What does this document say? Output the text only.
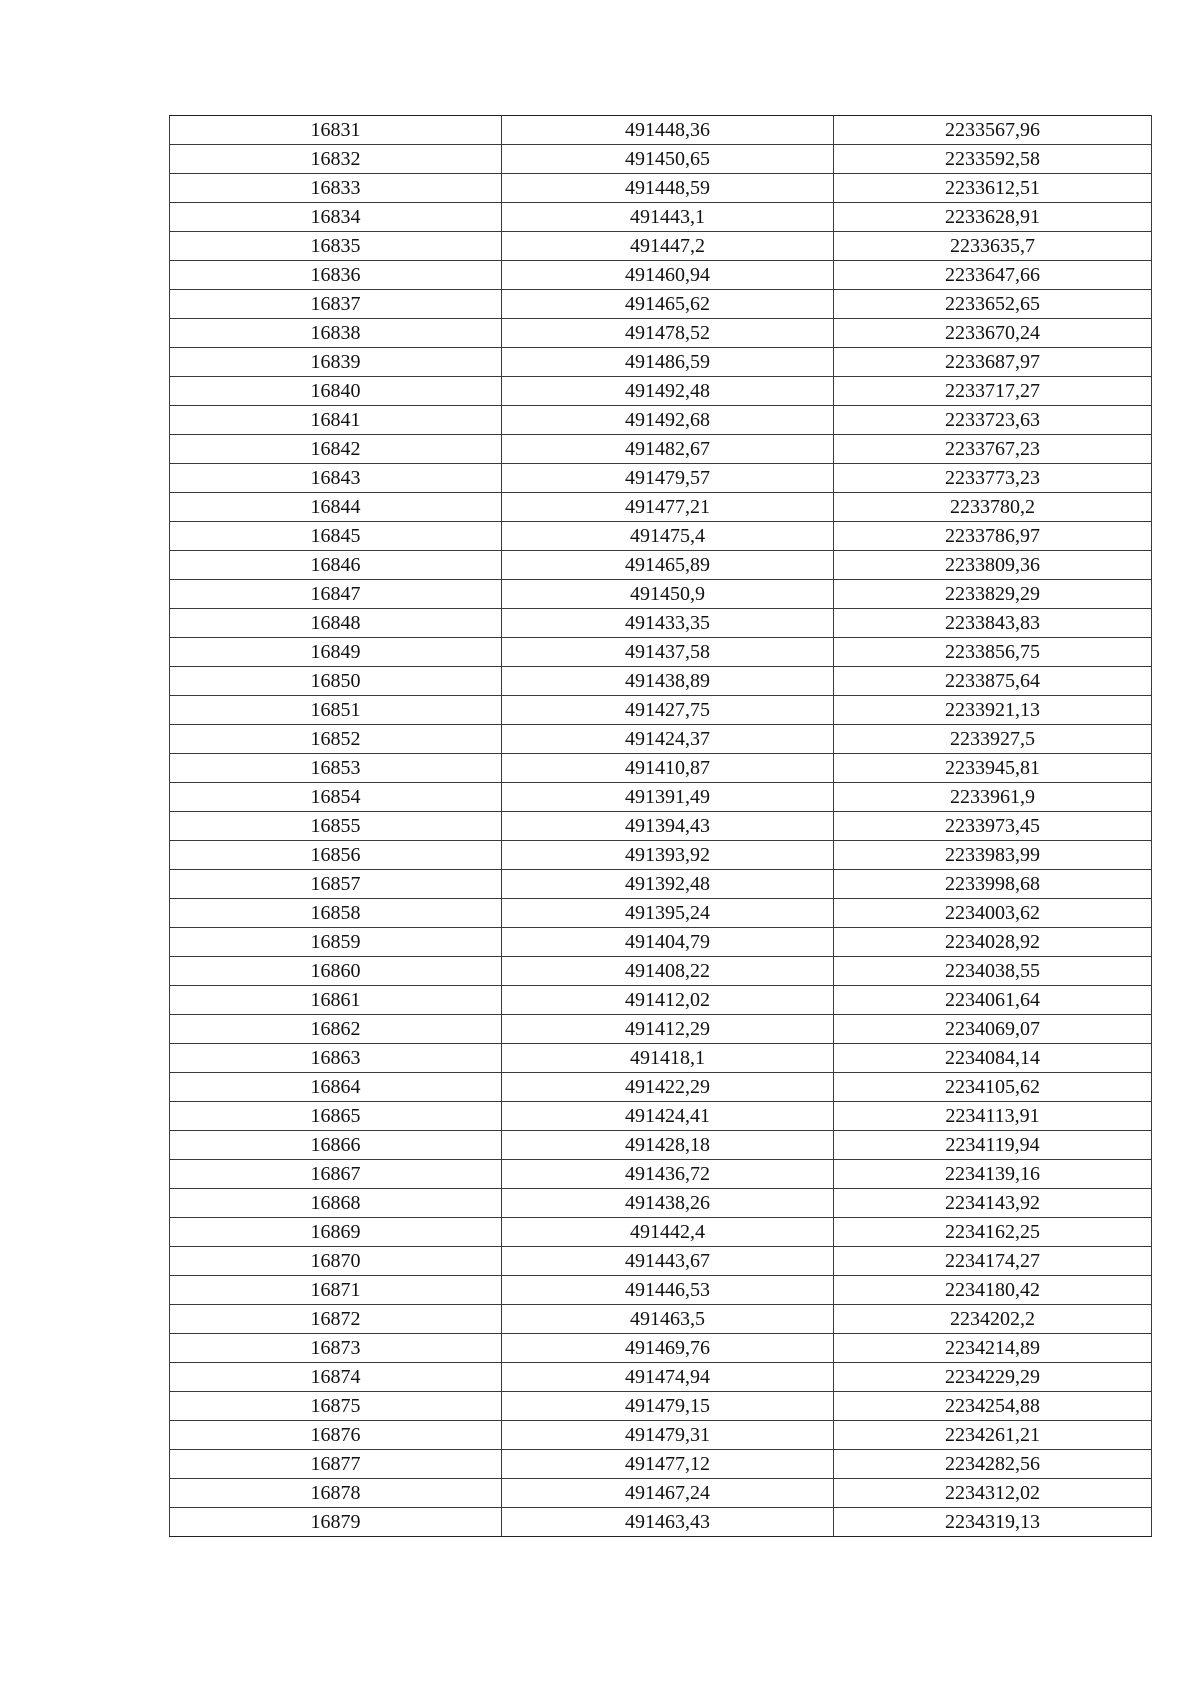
16831	491448,36	2233567,96
16832	491450,65	2233592,58
16833	491448,59	2233612,51
16834	491443,1	2233628,91
16835	491447,2	2233635,7
16836	491460,94	2233647,66
16837	491465,62	2233652,65
16838	491478,52	2233670,24
16839	491486,59	2233687,97
16840	491492,48	2233717,27
16841	491492,68	2233723,63
16842	491482,67	2233767,23
16843	491479,57	2233773,23
16844	491477,21	2233780,2
16845	491475,4	2233786,97
16846	491465,89	2233809,36
16847	491450,9	2233829,29
16848	491433,35	2233843,83
16849	491437,58	2233856,75
16850	491438,89	2233875,64
16851	491427,75	2233921,13
16852	491424,37	2233927,5
16853	491410,87	2233945,81
16854	491391,49	2233961,9
16855	491394,43	2233973,45
16856	491393,92	2233983,99
16857	491392,48	2233998,68
16858	491395,24	2234003,62
16859	491404,79	2234028,92
16860	491408,22	2234038,55
16861	491412,02	2234061,64
16862	491412,29	2234069,07
16863	491418,1	2234084,14
16864	491422,29	2234105,62
16865	491424,41	2234113,91
16866	491428,18	2234119,94
16867	491436,72	2234139,16
16868	491438,26	2234143,92
16869	491442,4	2234162,25
16870	491443,67	2234174,27
16871	491446,53	2234180,42
16872	491463,5	2234202,2
16873	491469,76	2234214,89
16874	491474,94	2234229,29
16875	491479,15	2234254,88
16876	491479,31	2234261,21
16877	491477,12	2234282,56
16878	491467,24	2234312,02
16879	491463,43	2234319,13
